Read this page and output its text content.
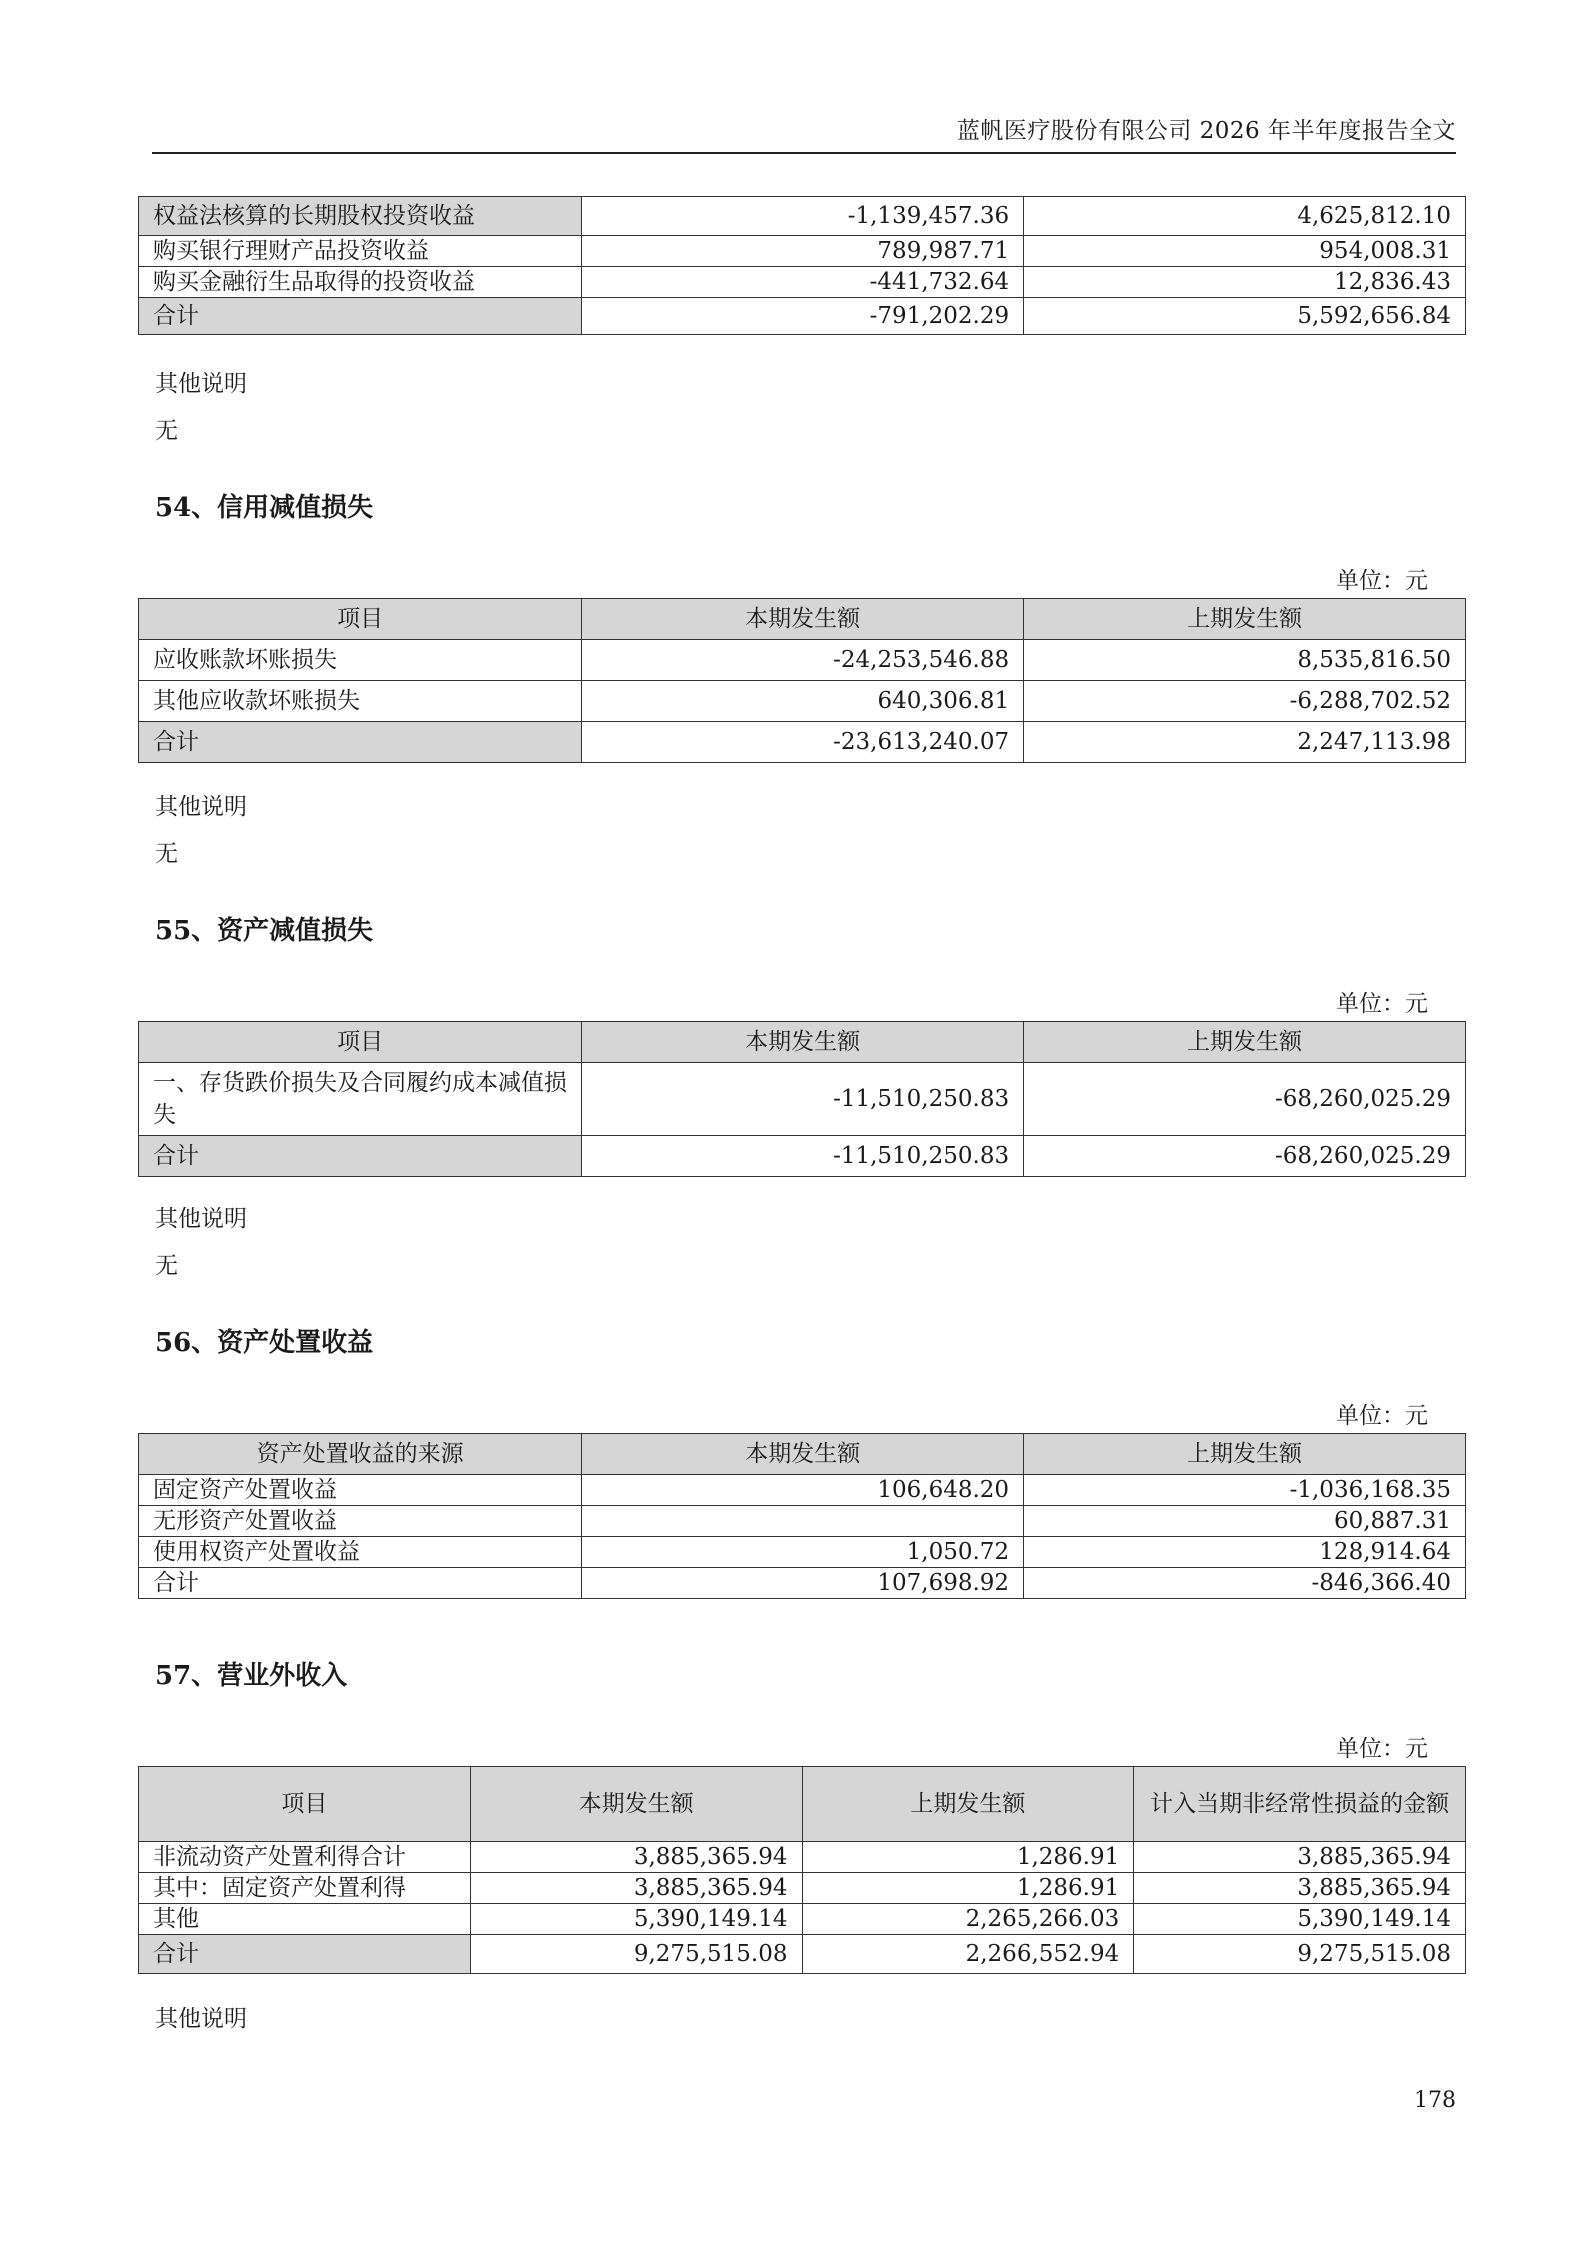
蓝帆医疗股份有限公司 2026 年半年度报告全文
权益法核算的长期股权投资收益	-1,139,457.36	4,625,812.10
购买银行理财产品投资收益	789,987.71	954,008.31
购买金融衍生品取得的投资收益	-441,732.64	12,836.43
合计	-791,202.29	5,592,656.84
其他说明
无
54、信用减值损失
单位：元
项目	本期发生额	上期发生额
应收账款坏账损失	-24,253,546.88	8,535,816.50
其他应收款坏账损失	640,306.81	-6,288,702.52
合计	-23,613,240.07	2,247,113.98
其他说明
无
55、资产减值损失
单位：元
项目	本期发生额	上期发生额
一、存货跌价损失及合同履约成本减值损失	-11,510,250.83	-68,260,025.29
合计	-11,510,250.83	-68,260,025.29
其他说明
无
56、资产处置收益
单位：元
资产处置收益的来源	本期发生额	上期发生额
固定资产处置收益	106,648.20	-1,036,168.35
无形资产处置收益		60,887.31
使用权资产处置收益	1,050.72	128,914.64
合计	107,698.92	-846,366.40
57、营业外收入
单位：元
项目	本期发生额	上期发生额	计入当期非经常性损益的金额
非流动资产处置利得合计	3,885,365.94	1,286.91	3,885,365.94
其中：固定资产处置利得	3,885,365.94	1,286.91	3,885,365.94
其他	5,390,149.14	2,265,266.03	5,390,149.14
合计	9,275,515.08	2,266,552.94	9,275,515.08
其他说明
178
